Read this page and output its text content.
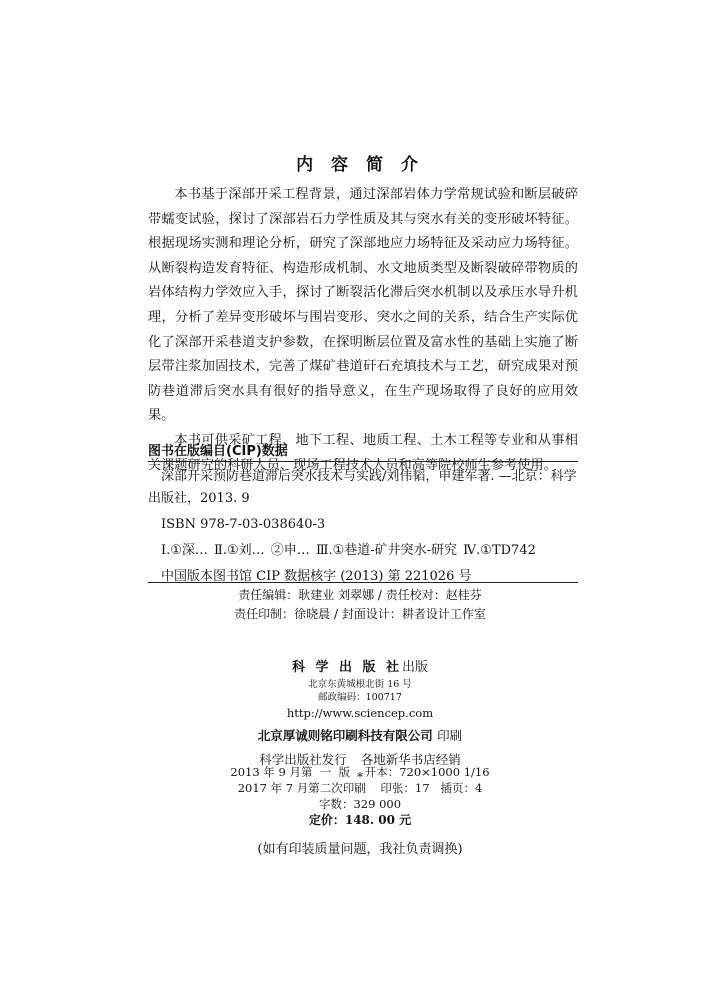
内 容 简 介

本书基于深部开采工程背景，通过深部岩体力学常规试验和断层破碎带蠕变试验，探讨了深部岩石力学性质及其与突水有关的变形破坏特征。根据现场实测和理论分析，研究了深部地应力场特征及采动应力场特征。从断裂构造发育特征、构造形成机制、水文地质类型及断裂破碎带物质的岩体结构力学效应入手，探讨了断裂活化滞后突水机制以及承压水导升机理，分析了差异变形破坏与围岩变形、突水之间的关系，结合生产实际优化了深部开采巷道支护参数，在探明断层位置及富水性的基础上实施了断层带注浆加固技术，完善了煤矿巷道矸石充填技术与工艺，研究成果对预防巷道滞后突水具有很好的指导意义，在生产现场取得了良好的应用效果。

本书可供采矿工程、地下工程、地质工程、土木工程等专业和从事相关课题研究的科研人员、现场工程技术人员和高等院校师生参考使用。

图书在版编目(CIP)数据

深部开采预防巷道滞后突水技术与实践/刘伟韬，申建军著. —北京：科学出版社，2013. 9

ISBN 978-7-03-038640-3

Ⅰ.①深… Ⅱ.①刘… ②申… Ⅲ.①巷道-矿井突水-研究 Ⅳ.①TD742

中国版本图书馆 CIP 数据核字 (2013) 第 221026 号

责任编辑：耿建业 刘翠娜 / 责任校对：赵桂芬
责任印制：徐晓晨 / 封面设计：耕者设计工作室
科 学 出 版 社出版
北京东黄城根北街 16 号
邮政编码：100717
http://www.sciencep.com
北京厚诚则铭印刷科技有限公司 印刷
科学出版社发行 各地新华书店经销
*
2013 年 9 月第  一  版 开本：720×1000 1/16
2017 年 7 月第二次印刷 印张：17 插页：4
字数：329 000
定价：148. 00 元
(如有印装质量问题，我社负责调换)
